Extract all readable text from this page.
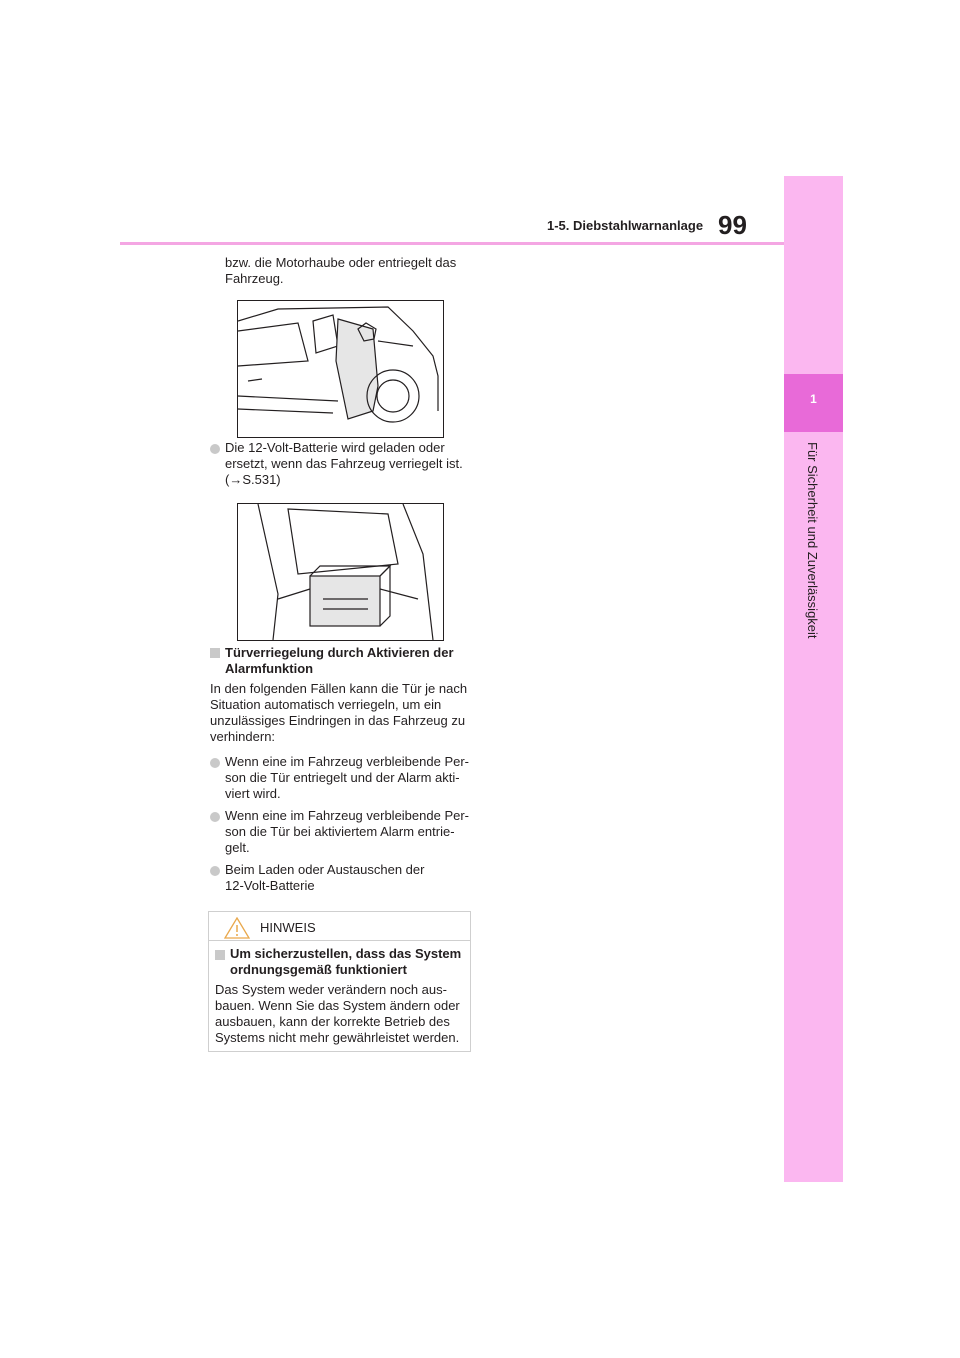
1-5. Diebstahlwarnanlage 99
1
Für Sicherheit und Zuverlässigkeit
bzw. die Motorhaube oder entriegelt das
Fahrzeug.
Die 12-Volt-Batterie wird geladen oder
ersetzt, wenn das Fahrzeug verriegelt ist.
(→S.531)
Türverriegelung durch Aktivieren der
Alarmfunktion
In den folgenden Fällen kann die Tür je nach
Situation automatisch verriegeln, um ein
unzulässiges Eindringen in das Fahrzeug zu
verhindern:
Wenn eine im Fahrzeug verbleibende Per-
son die Tür entriegelt und der Alarm akti-
viert wird.
Wenn eine im Fahrzeug verbleibende Per-
son die Tür bei aktiviertem Alarm entrie-
gelt.
Beim Laden oder Austauschen der
12-Volt-Batterie
HINWEIS
Um sicherzustellen, dass das System
ordnungsgemäß funktioniert
Das System weder verändern noch aus-
bauen. Wenn Sie das System ändern oder
ausbauen, kann der korrekte Betrieb des
Systems nicht mehr gewährleistet werden.
